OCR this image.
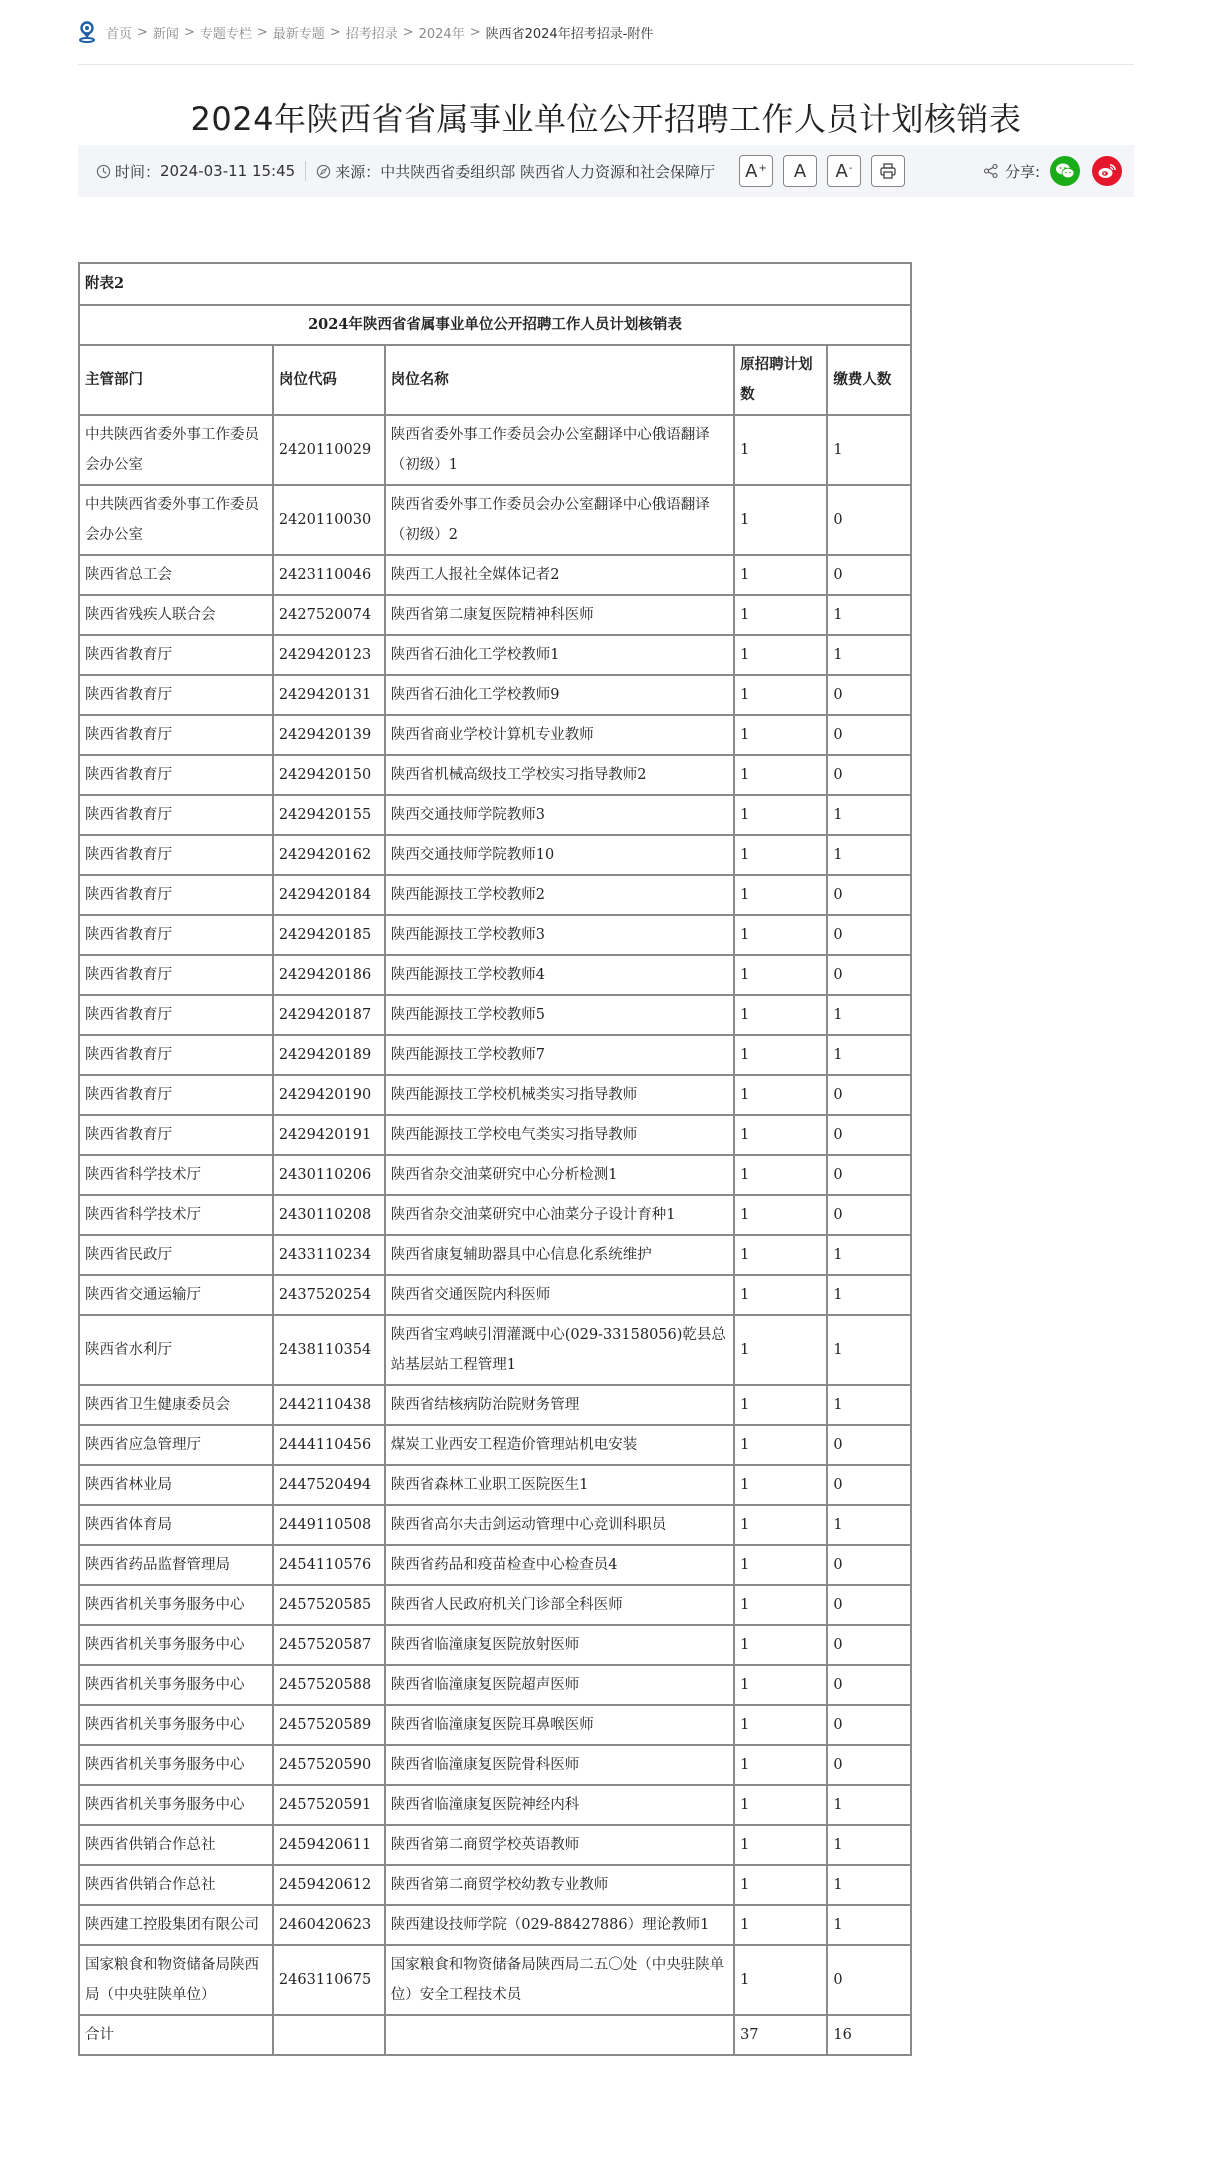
首页 > 新闻 > 专题专栏 > 最新专题 > 招考招录 > 2024年 > 陕西省2024年招考招录-附件
2024年陕西省省属事业单位公开招聘工作人员计划核销表
时间： 2024-03-11 15:45	来源： 中共陕西省委组织部 陕西省人力资源和社会保障厅 A+ A A-	分享:
附表2				
2024年陕西省省属事业单位公开招聘工作人员计划核销表				
主管部门	岗位代码	岗位名称	原招聘计划数	缴费人数
中共陕西省委外事工作委员会办公室	2420110029	陕西省委外事工作委员会办公室翻译中心俄语翻译（初级）1	1	1
中共陕西省委外事工作委员会办公室	2420110030	陕西省委外事工作委员会办公室翻译中心俄语翻译（初级）2	1	0
陕西省总工会	2423110046	陕西工人报社全媒体记者2	1	0
陕西省残疾人联合会	2427520074	陕西省第二康复医院精神科医师	1	1
陕西省教育厅	2429420123	陕西省石油化工学校教师1	1	1
陕西省教育厅	2429420131	陕西省石油化工学校教师9	1	0
陕西省教育厅	2429420139	陕西省商业学校计算机专业教师	1	0
陕西省教育厅	2429420150	陕西省机械高级技工学校实习指导教师2	1	0
陕西省教育厅	2429420155	陕西交通技师学院教师3	1	1
陕西省教育厅	2429420162	陕西交通技师学院教师10	1	1
陕西省教育厅	2429420184	陕西能源技工学校教师2	1	0
陕西省教育厅	2429420185	陕西能源技工学校教师3	1	0
陕西省教育厅	2429420186	陕西能源技工学校教师4	1	0
陕西省教育厅	2429420187	陕西能源技工学校教师5	1	1
陕西省教育厅	2429420189	陕西能源技工学校教师7	1	1
陕西省教育厅	2429420190	陕西能源技工学校机械类实习指导教师	1	0
陕西省教育厅	2429420191	陕西能源技工学校电气类实习指导教师	1	0
陕西省科学技术厅	2430110206	陕西省杂交油菜研究中心分析检测1	1	0
陕西省科学技术厅	2430110208	陕西省杂交油菜研究中心油菜分子设计育种1	1	0
陕西省民政厅	2433110234	陕西省康复辅助器具中心信息化系统维护	1	1
陕西省交通运输厅	2437520254	陕西省交通医院内科医师	1	1
陕西省水利厅	2438110354	陕西省宝鸡峡引渭灌溉中心(029-33158056)乾县总站基层站工程管理1	1	1
陕西省卫生健康委员会	2442110438	陕西省结核病防治院财务管理	1	1
陕西省应急管理厅	2444110456	煤炭工业西安工程造价管理站机电安装	1	0
陕西省林业局	2447520494	陕西省森林工业职工医院医生1	1	0
陕西省体育局	2449110508	陕西省高尔夫击剑运动管理中心竞训科职员	1	1
陕西省药品监督管理局	2454110576	陕西省药品和疫苗检查中心检查员4	1	0
陕西省机关事务服务中心	2457520585	陕西省人民政府机关门诊部全科医师	1	0
陕西省机关事务服务中心	2457520587	陕西省临潼康复医院放射医师	1	0
陕西省机关事务服务中心	2457520588	陕西省临潼康复医院超声医师	1	0
陕西省机关事务服务中心	2457520589	陕西省临潼康复医院耳鼻喉医师	1	0
陕西省机关事务服务中心	2457520590	陕西省临潼康复医院骨科医师	1	0
陕西省机关事务服务中心	2457520591	陕西省临潼康复医院神经内科	1	1
陕西省供销合作总社	2459420611	陕西省第二商贸学校英语教师	1	1
陕西省供销合作总社	2459420612	陕西省第二商贸学校幼教专业教师	1	1
陕西建工控股集团有限公司	2460420623	陕西建设技师学院（029-88427886）理论教师1	1	1
国家粮食和物资储备局陕西局（中央驻陕单位）	2463110675	国家粮食和物资储备局陕西局二五〇处（中央驻陕单位）安全工程技术员	1	0
合计			37	16
